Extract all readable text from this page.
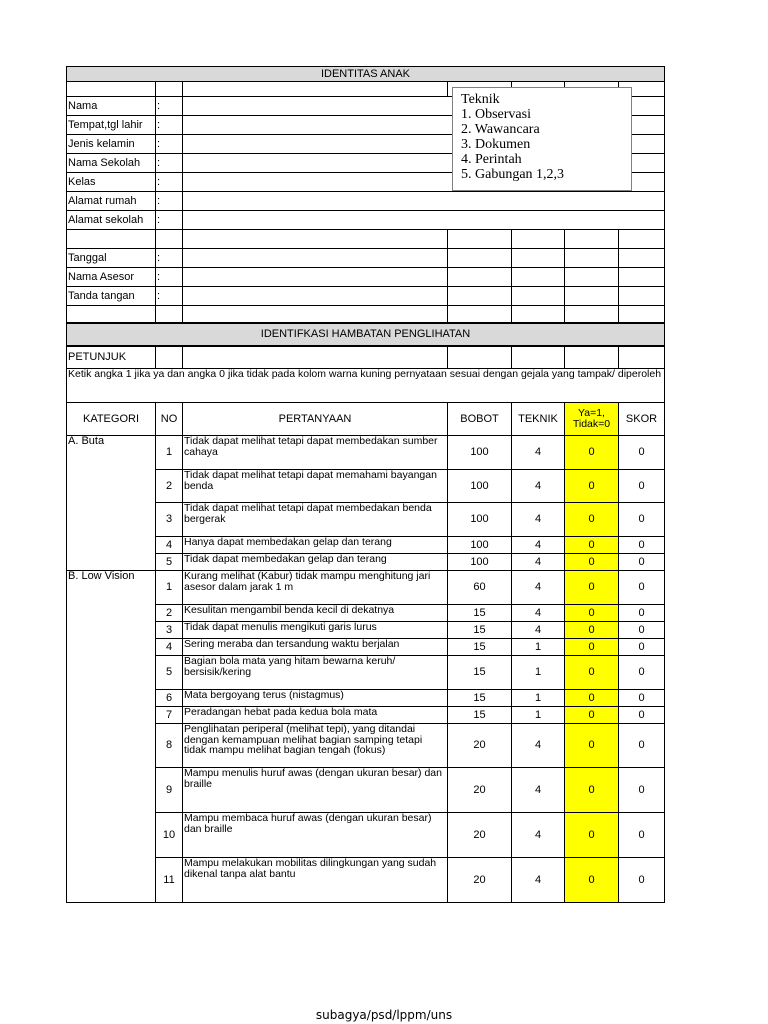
IDENTITAS ANAK						

Nama	:					
Tempat,tgl lahir	:					
Jenis kelamin	:					
Nama Sekolah	:					
Kelas	:					
Alamat rumah	:					
Alamat sekolah	:					

Tanggal	:					
Nama Asesor	:					
Tanda tangan	:					

IDENTIFKASI HAMBATAN PENGLIHATAN						
PETUNJUK						
Ketik angka 1 jika ya dan angka 0 jika tidak pada kolom warna kuning pernyataan sesuai dengan gejala yang tampak/ diperoleh						
KATEGORI	NO	PERTANYAAN	BOBOT	TEKNIK	Ya=1, Tidak=0	SKOR
A. Buta	1	Tidak dapat melihat tetapi dapat membedakan sumber cahaya	100	4	0	0
	2	Tidak dapat melihat tetapi dapat memahami bayangan benda	100	4	0	0
	3	Tidak dapat melihat tetapi dapat membedakan benda bergerak	100	4	0	0
	4	Hanya dapat membedakan gelap dan terang	100	4	0	0
	5	Tidak dapat membedakan gelap dan terang	100	4	0	0
B. Low Vision	1	Kurang melihat (Kabur) tidak mampu menghitung jari asesor dalam jarak 1 m	60	4	0	0
	2	Kesulitan mengambil benda kecil di dekatnya	15	4	0	0
	3	Tidak dapat menulis mengikuti garis lurus	15	4	0	0
	4	Sering meraba dan tersandung waktu berjalan	15	1	0	0
	5	Bagian bola mata yang hitam bewarna keruh/ bersisik/kering	15	1	0	0
	6	Mata bergoyang terus (nistagmus)	15	1	0	0
	7	Peradangan hebat pada kedua bola mata	15	1	0	0
	8	Penglihatan periperal (melihat tepi), yang ditandai dengan kemampuan melihat bagian samping tetapi tidak mampu melihat bagian tengah (fokus)	20	4	0	0
	9	Mampu menulis huruf awas (dengan ukuran besar) dan braille	20	4	0	0
	10	Mampu membaca huruf awas (dengan ukuran besar) dan braille	20	4	0	0
	11	Mampu melakukan mobilitas dilingkungan yang sudah dikenal tanpa alat bantu	20	4	0	0
Teknik
1. Observasi
2. Wawancara
3. Dokumen
4. Perintah
5. Gabungan 1,2,3
subagya/psd/lppm/uns
